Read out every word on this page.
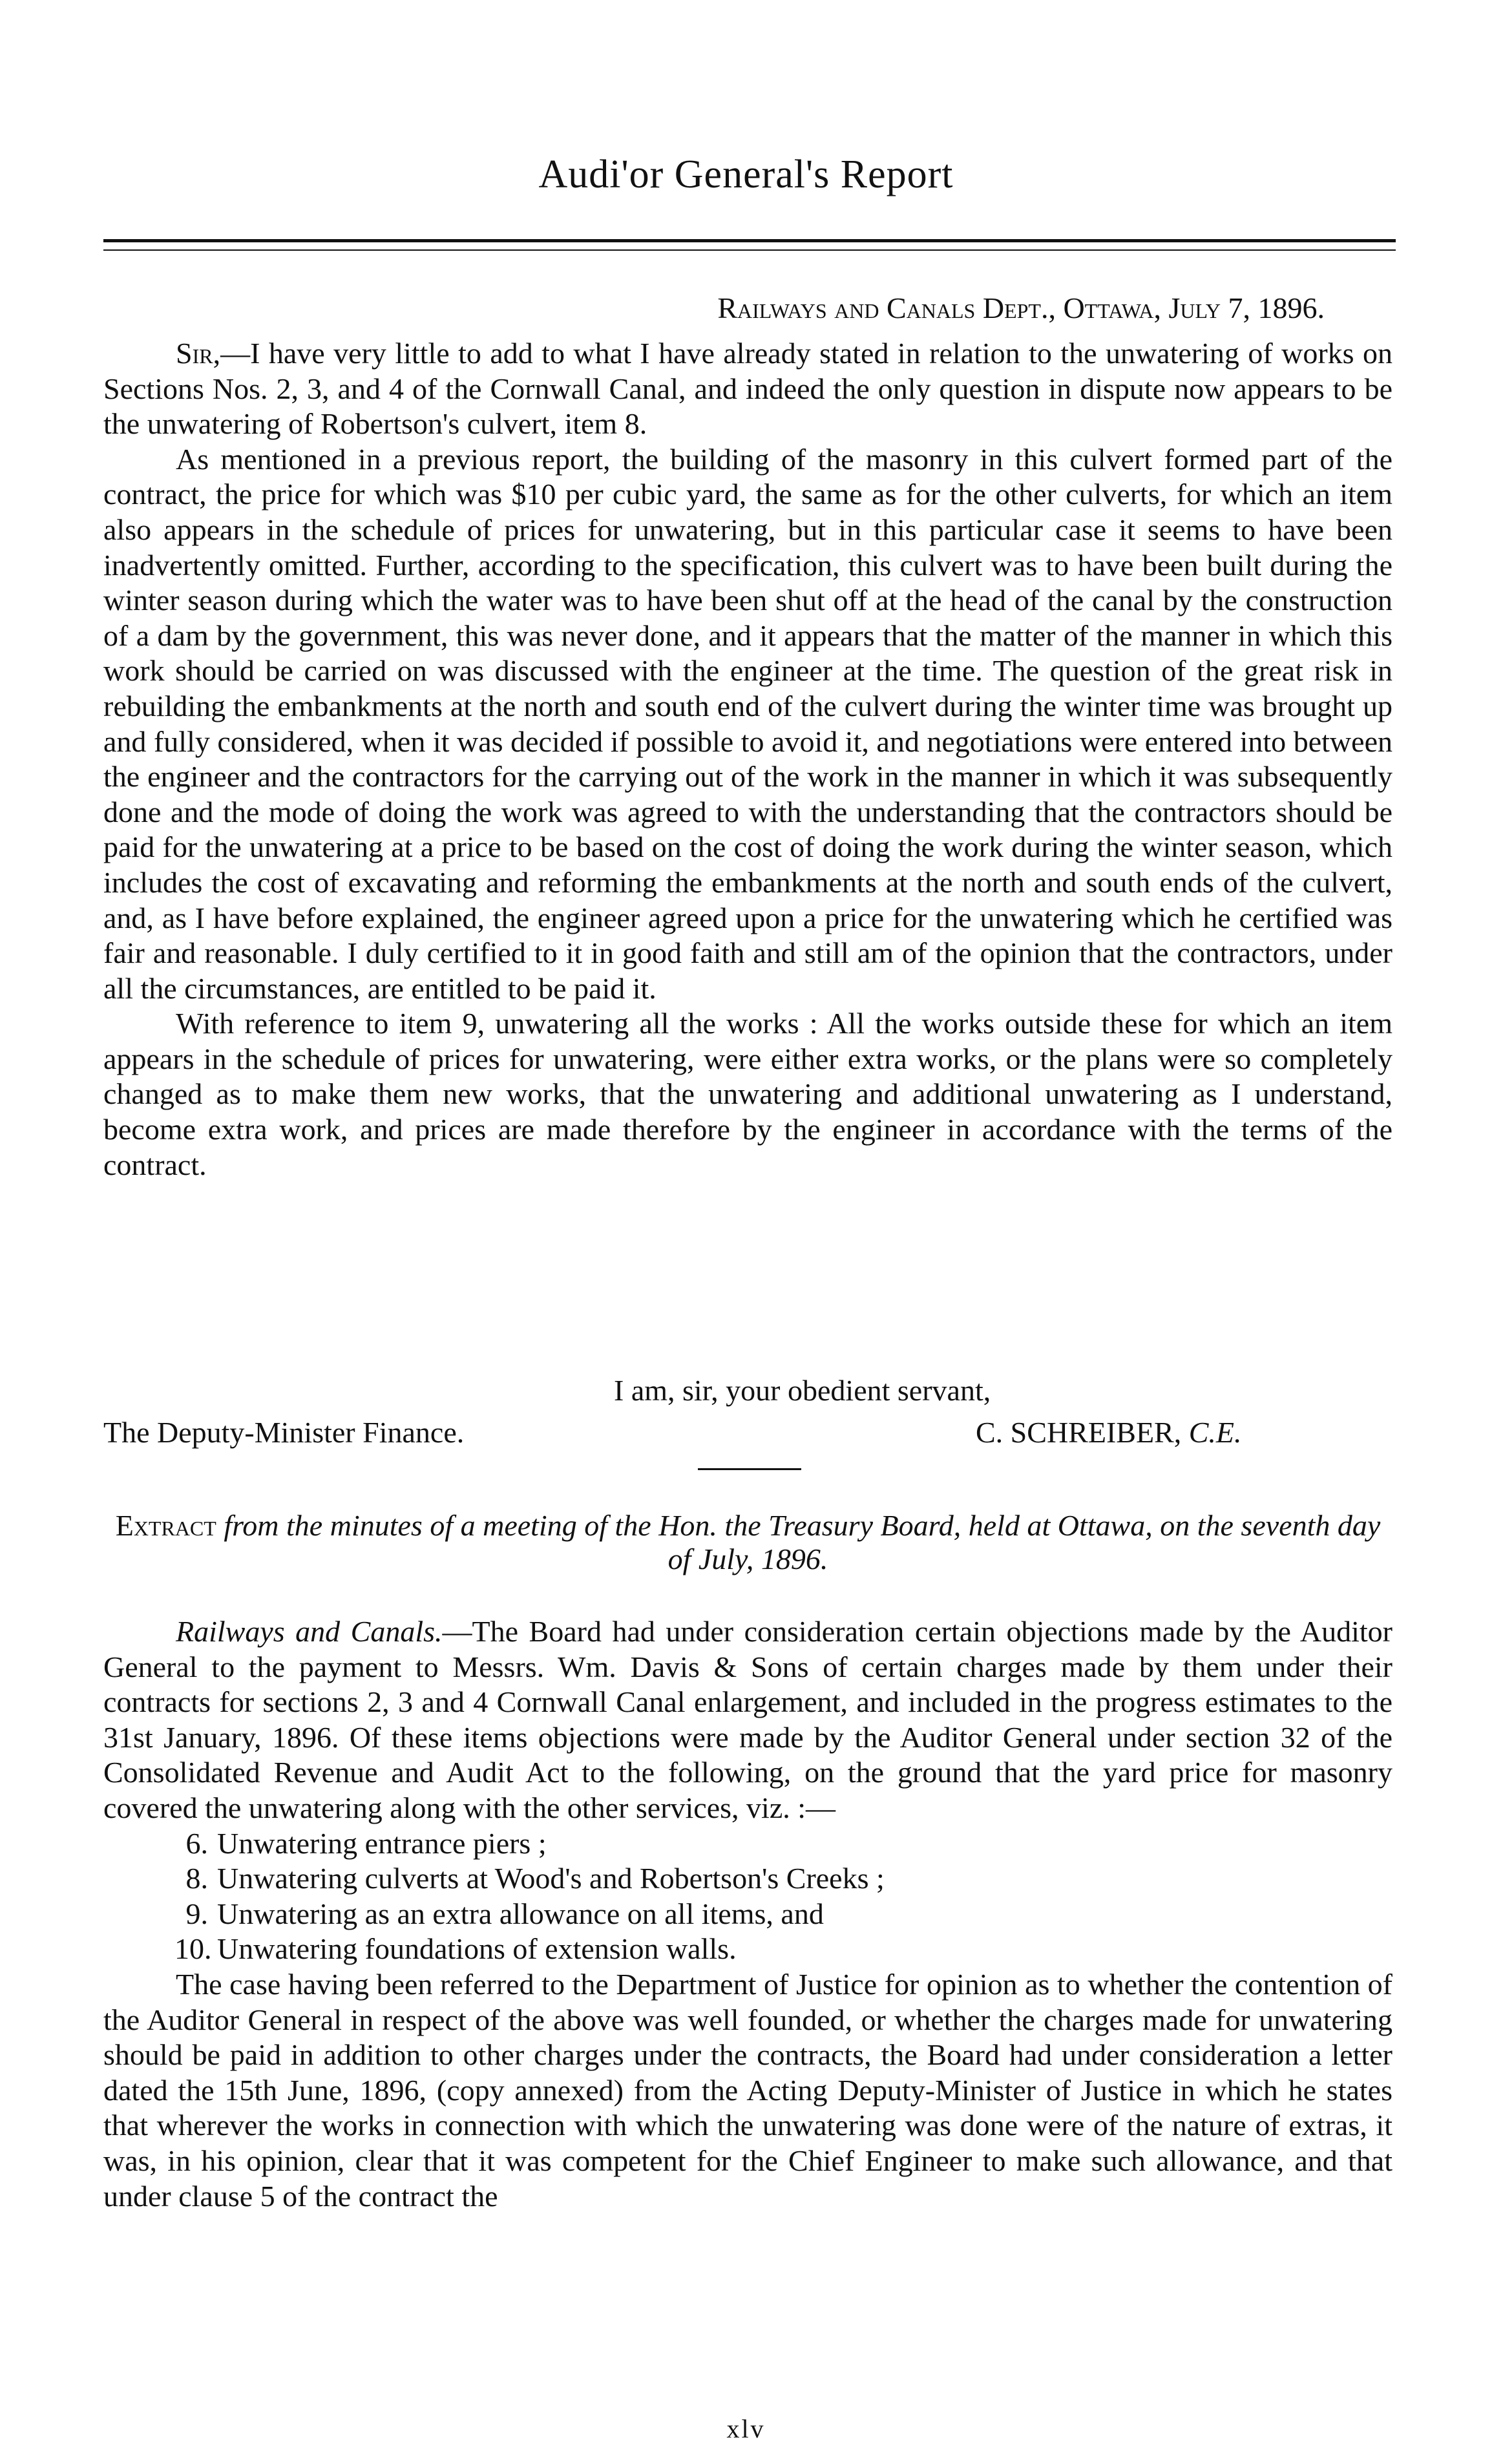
Audi'or General's Report
Railways and Canals Dept., Ottawa, July 7, 1896.

Sir,—I have very little to add to what I have already stated in relation to the unwatering of works on Sections Nos. 2, 3, and 4 of the Cornwall Canal, and indeed the only question in dispute now appears to be the unwatering of Robertson's culvert, item 8.

As mentioned in a previous report, the building of the masonry in this culvert formed part of the contract, the price for which was $10 per cubic yard, the same as for the other culverts, for which an item also appears in the schedule of prices for unwatering, but in this particular case it seems to have been inadvertently omitted. Further, according to the specification, this culvert was to have been built during the winter season during which the water was to have been shut off at the head of the canal by the construction of a dam by the government, this was never done, and it appears that the matter of the manner in which this work should be carried on was discussed with the engineer at the time. The question of the great risk in rebuilding the embankments at the north and south end of the culvert during the winter time was brought up and fully considered, when it was decided if possible to avoid it, and negotiations were entered into between the engineer and the contractors for the carrying out of the work in the manner in which it was subsequently done and the mode of doing the work was agreed to with the understanding that the contractors should be paid for the unwatering at a price to be based on the cost of doing the work during the winter season, which includes the cost of excavating and reforming the embankments at the north and south ends of the culvert, and, as I have before explained, the engineer agreed upon a price for the unwatering which he certified was fair and reasonable. I duly certified to it in good faith and still am of the opinion that the contractors, under all the circumstances, are entitled to be paid it.

With reference to item 9, unwatering all the works : All the works outside these for which an item appears in the schedule of prices for unwatering, were either extra works, or the plans were so completely changed as to make them new works, that the unwatering and additional unwatering as I understand, become extra work, and prices are made therefore by the engineer in accordance with the terms of the contract.

I am, sir, your obedient servant,
The Deputy-Minister Finance.	C. SCHREIBER, C.E.
Extract from the minutes of a meeting of the Hon. the Treasury Board, held at Ottawa, on the seventh day of July, 1896.

Railways and Canals.—The Board had under consideration certain objections made by the Auditor General to the payment to Messrs. Wm. Davis & Sons of certain charges made by them under their contracts for sections 2, 3 and 4 Cornwall Canal enlargement, and included in the progress estimates to the 31st January, 1896. Of these items objections were made by the Auditor General under section 32 of the Consolidated Revenue and Audit Act to the following, on the ground that the yard price for masonry covered the unwatering along with the other services, viz. :—

6. Unwatering entrance piers ;
8. Unwatering culverts at Wood's and Robertson's Creeks ;
9. Unwatering as an extra allowance on all items, and
10. Unwatering foundations of extension walls.

The case having been referred to the Department of Justice for opinion as to whether the contention of the Auditor General in respect of the above was well founded, or whether the charges made for unwatering should be paid in addition to other charges under the contracts, the Board had under consideration a letter dated the 15th June, 1896, (copy annexed) from the Acting Deputy-Minister of Justice in which he states that wherever the works in connection with which the unwatering was done were of the nature of extras, it was, in his opinion, clear that it was competent for the Chief Engineer to make such allowance, and that under clause 5 of the contract the

xlv
